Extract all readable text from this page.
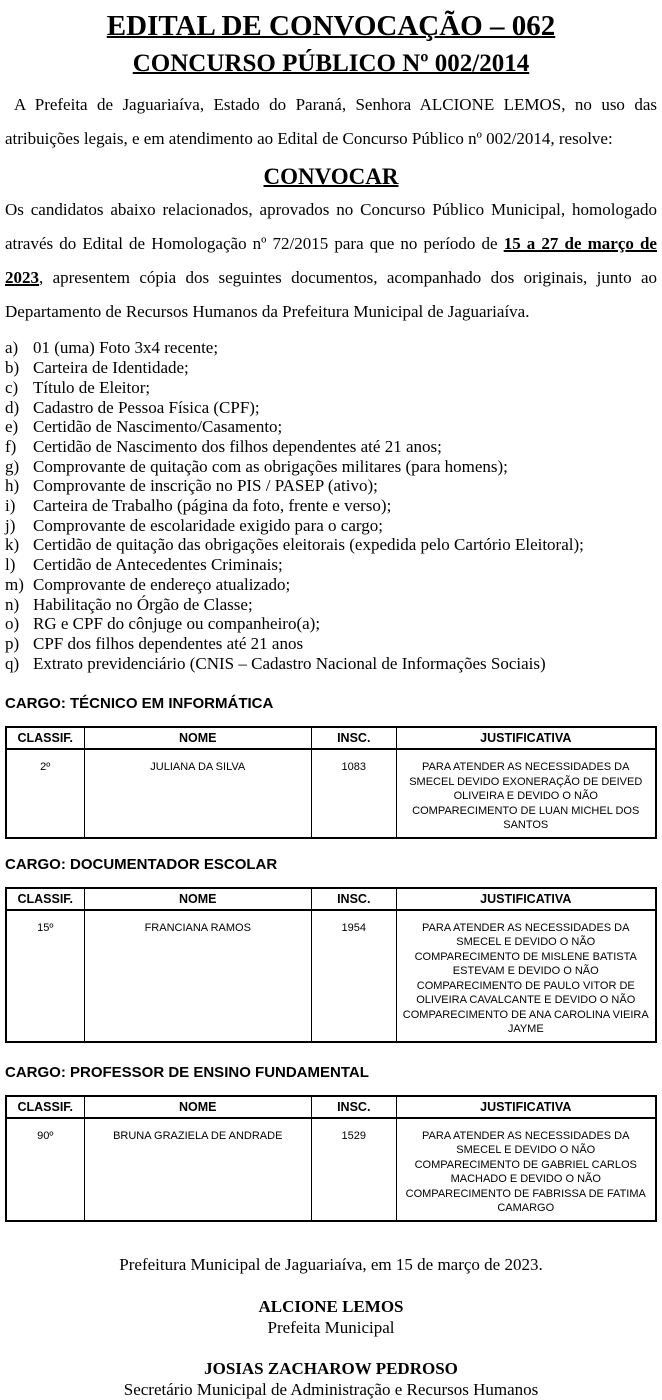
EDITAL DE CONVOCAÇÃO – 062
CONCURSO PÚBLICO Nº 002/2014

A Prefeita de Jaguariaíva, Estado do Paraná, Senhora ALCIONE LEMOS, no uso das atribuições legais, e em atendimento ao Edital de Concurso Público nº 002/2014, resolve:

CONVOCAR

Os candidatos abaixo relacionados, aprovados no Concurso Público Municipal, homologado através do Edital de Homologação nº 72/2015 para que no período de 15 a 27 de março de 2023, apresentem cópia dos seguintes documentos, acompanhado dos originais, junto ao Departamento de Recursos Humanos da Prefeitura Municipal de Jaguariaíva.

a) 01 (uma) Foto 3x4 recente;
b) Carteira de Identidade;
c) Título de Eleitor;
d) Cadastro de Pessoa Física (CPF);
e) Certidão de Nascimento/Casamento;
f) Certidão de Nascimento dos filhos dependentes até 21 anos;
g) Comprovante de quitação com as obrigações militares (para homens);
h) Comprovante de inscrição no PIS / PASEP (ativo);
i)	Carteira de Trabalho (página da foto, frente e verso);
j)	Comprovante de escolaridade exigido para o cargo;
k) Certidão de quitação das obrigações eleitorais (expedida pelo Cartório Eleitoral);
l)	Certidão de Antecedentes Criminais;
m) Comprovante de endereço atualizado;
n) Habilitação no Órgão de Classe;
o) RG e CPF do cônjuge ou companheiro(a);
p) CPF dos filhos dependentes até 21 anos
q) Extrato previdenciário (CNIS – Cadastro Nacional de Informações Sociais)

CARGO: TÉCNICO EM INFORMÁTICA

CLASSIF.	NOME	INSC.	JUSTIFICATIVA
2º	JULIANA DA SILVA	1083	PARA ATENDER AS NECESSIDADES DA SMECEL DEVIDO EXONERAÇÃO DE DEIVED OLIVEIRA E DEVIDO O NÃO COMPARECIMENTO DE LUAN MICHEL DOS SANTOS

CARGO: DOCUMENTADOR ESCOLAR

CLASSIF.	NOME	INSC.	JUSTIFICATIVA
15º	FRANCIANA RAMOS	1954	PARA ATENDER AS NECESSIDADES DA SMECEL E DEVIDO O NÃO COMPARECIMENTO DE MISLENE BATISTA ESTEVAM E DEVIDO O NÃO COMPARECIMENTO DE PAULO VITOR DE OLIVEIRA CAVALCANTE E DEVIDO O NÃO COMPARECIMENTO DE ANA CAROLINA VIEIRA JAYME

CARGO: PROFESSOR DE ENSINO FUNDAMENTAL

CLASSIF.	NOME	INSC.	JUSTIFICATIVA
90º	BRUNA GRAZIELA DE ANDRADE	1529	PARA ATENDER AS NECESSIDADES DA SMECEL E DEVIDO O NÃO COMPARECIMENTO DE GABRIEL CARLOS MACHADO E DEVIDO O NÃO COMPARECIMENTO DE FABRISSA DE FATIMA CAMARGO

Prefeitura Municipal de Jaguariaíva, em 15 de março de 2023.

ALCIONE LEMOS

Prefeita Municipal

JOSIAS ZACHAROW PEDROSO

Secretário Municipal de Administração e Recursos Humanos
